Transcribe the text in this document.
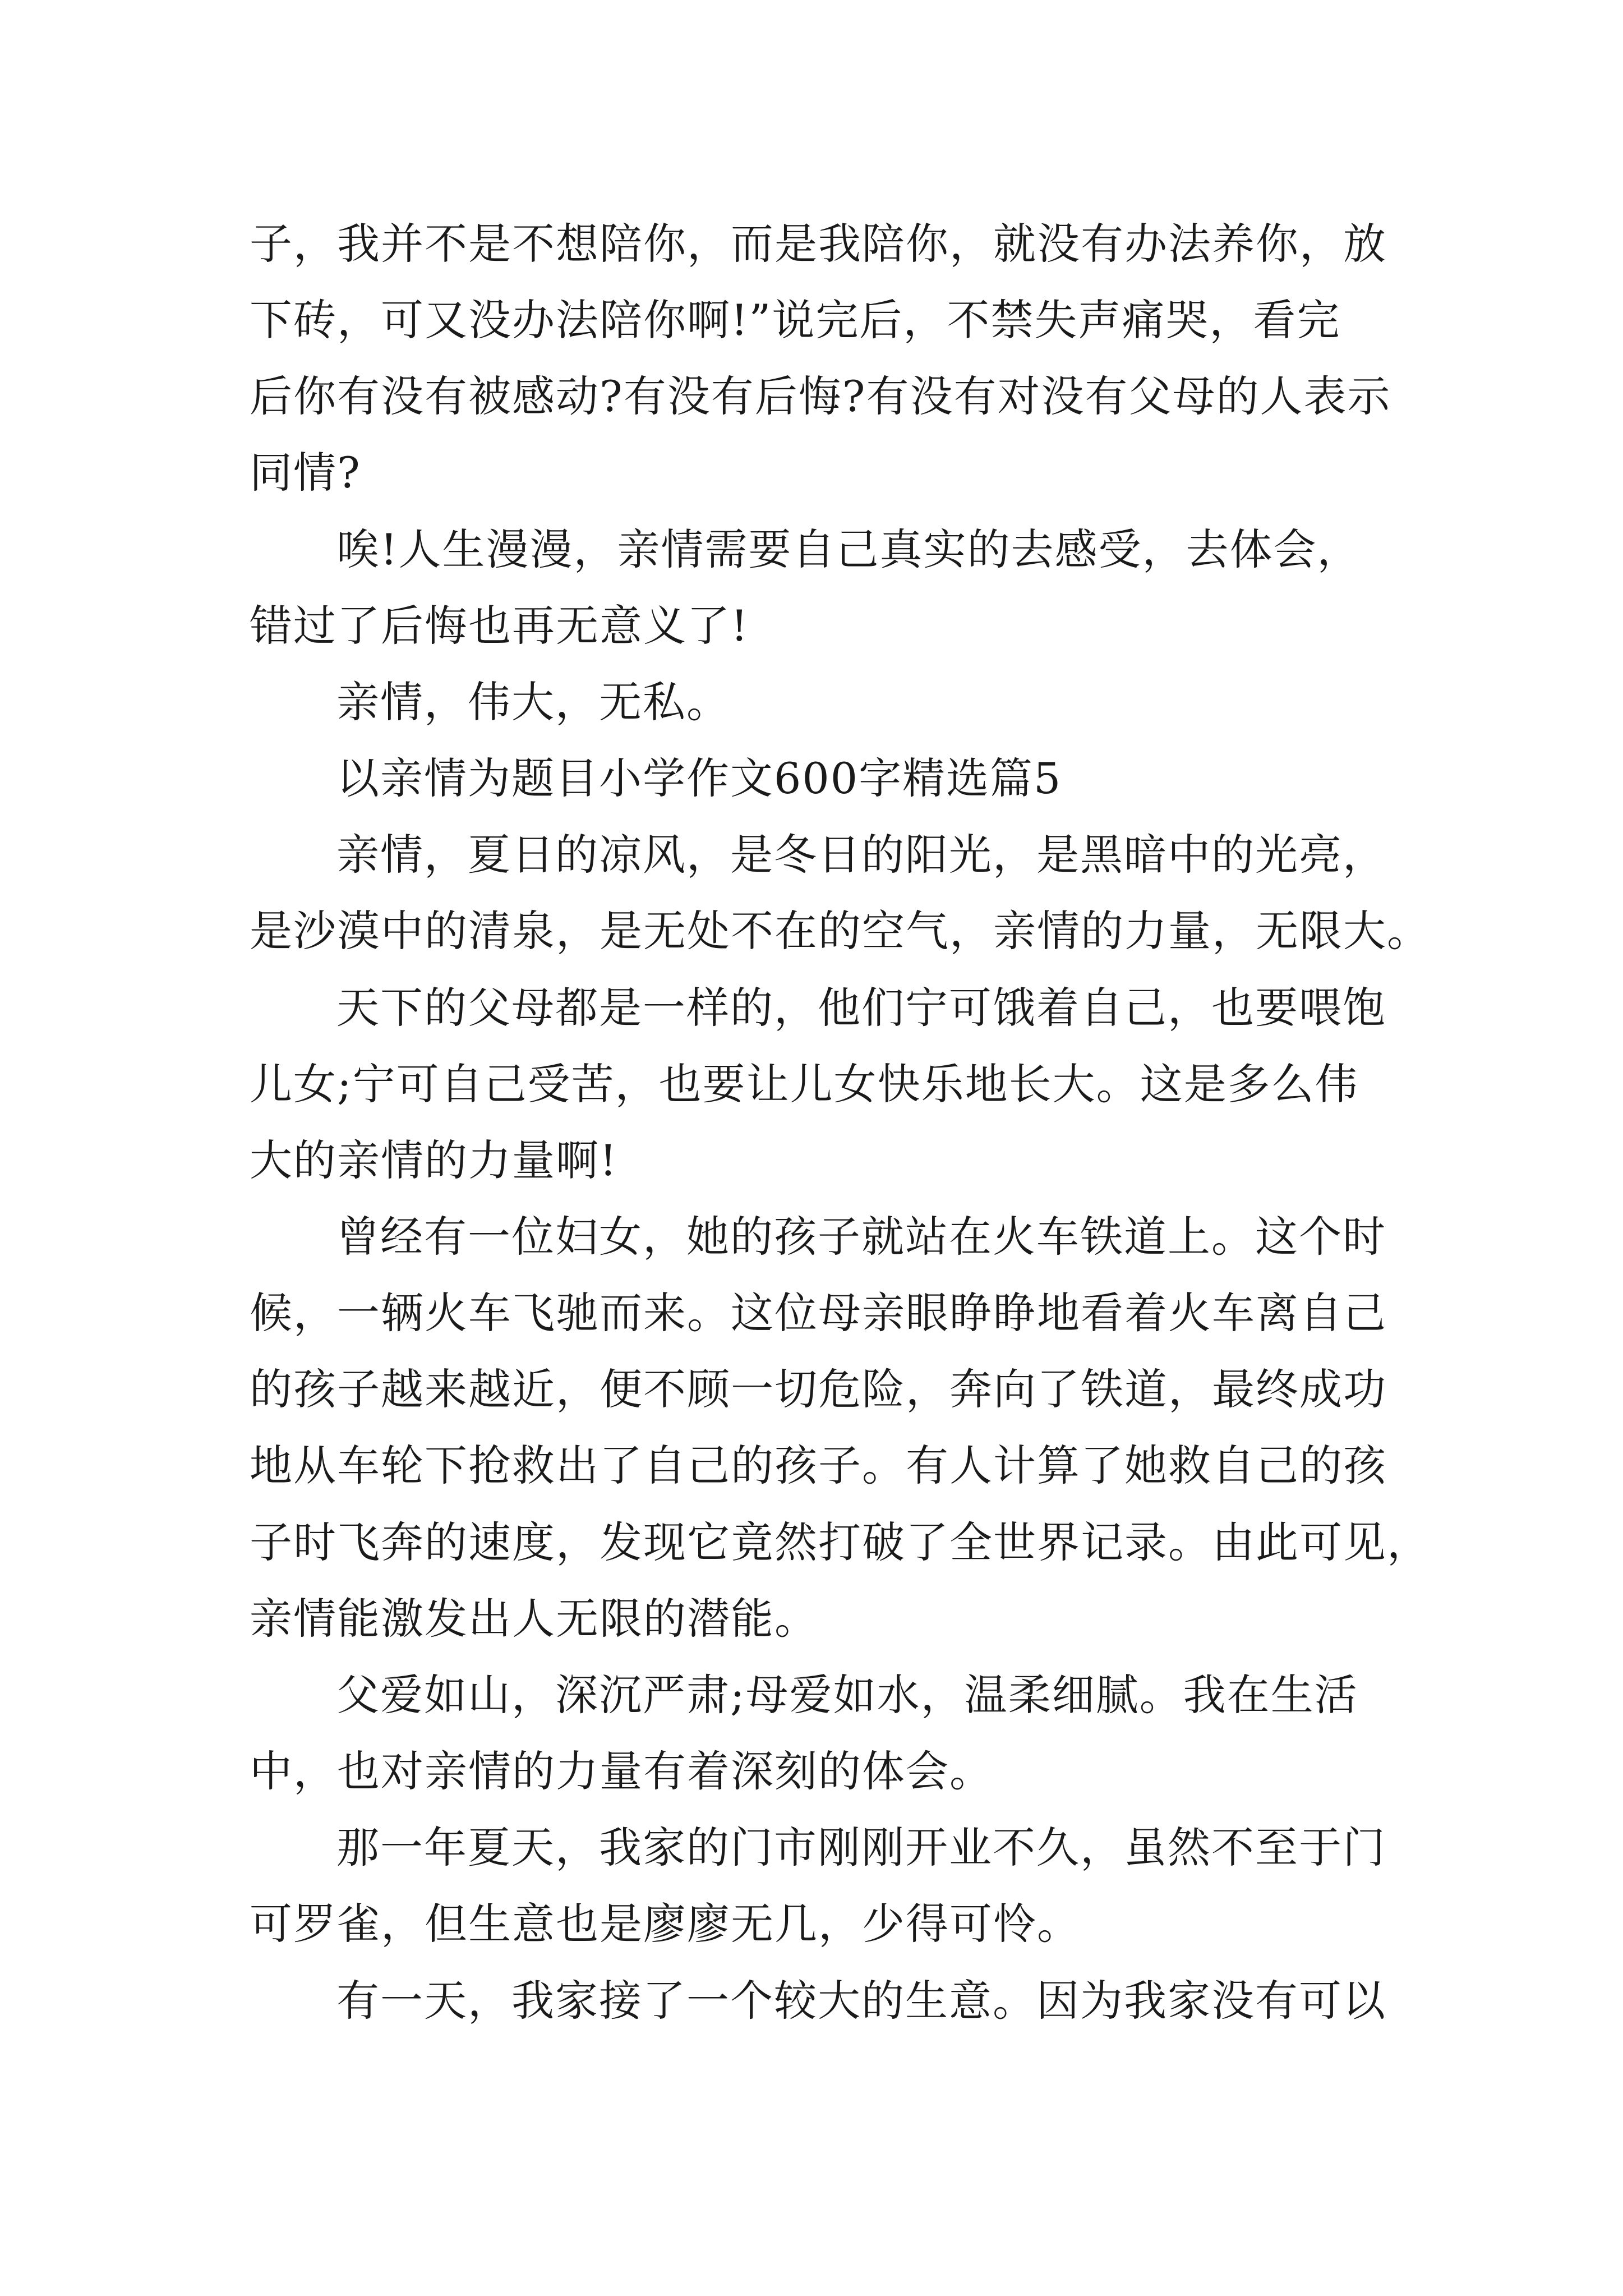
子，我并不是不想陪你，而是我陪你，就没有办法养你，放
下砖，可又没办法陪你啊!”说完后，不禁失声痛哭，看完
后你有没有被感动?有没有后悔?有没有对没有父母的人表示
同情?
唉!人生漫漫，亲情需要自己真实的去感受，去体会，
错过了后悔也再无意义了!
亲情，伟大，无私。
以亲情为题目小学作文600字精选篇5
亲情，夏日的凉风，是冬日的阳光，是黑暗中的光亮，
是沙漠中的清泉，是无处不在的空气，亲情的力量，无限大。
天下的父母都是一样的，他们宁可饿着自己，也要喂饱
儿女;宁可自己受苦，也要让儿女快乐地长大。这是多么伟
大的亲情的力量啊!
曾经有一位妇女，她的孩子就站在火车铁道上。这个时
候，一辆火车飞驰而来。这位母亲眼睁睁地看着火车离自己
的孩子越来越近，便不顾一切危险，奔向了铁道，最终成功
地从车轮下抢救出了自己的孩子。有人计算了她救自己的孩
子时飞奔的速度，发现它竟然打破了全世界记录。由此可见，
亲情能激发出人无限的潜能。
父爱如山，深沉严肃;母爱如水，温柔细腻。我在生活
中，也对亲情的力量有着深刻的体会。
那一年夏天，我家的门市刚刚开业不久，虽然不至于门
可罗雀，但生意也是廖廖无几，少得可怜。
有一天，我家接了一个较大的生意。因为我家没有可以
